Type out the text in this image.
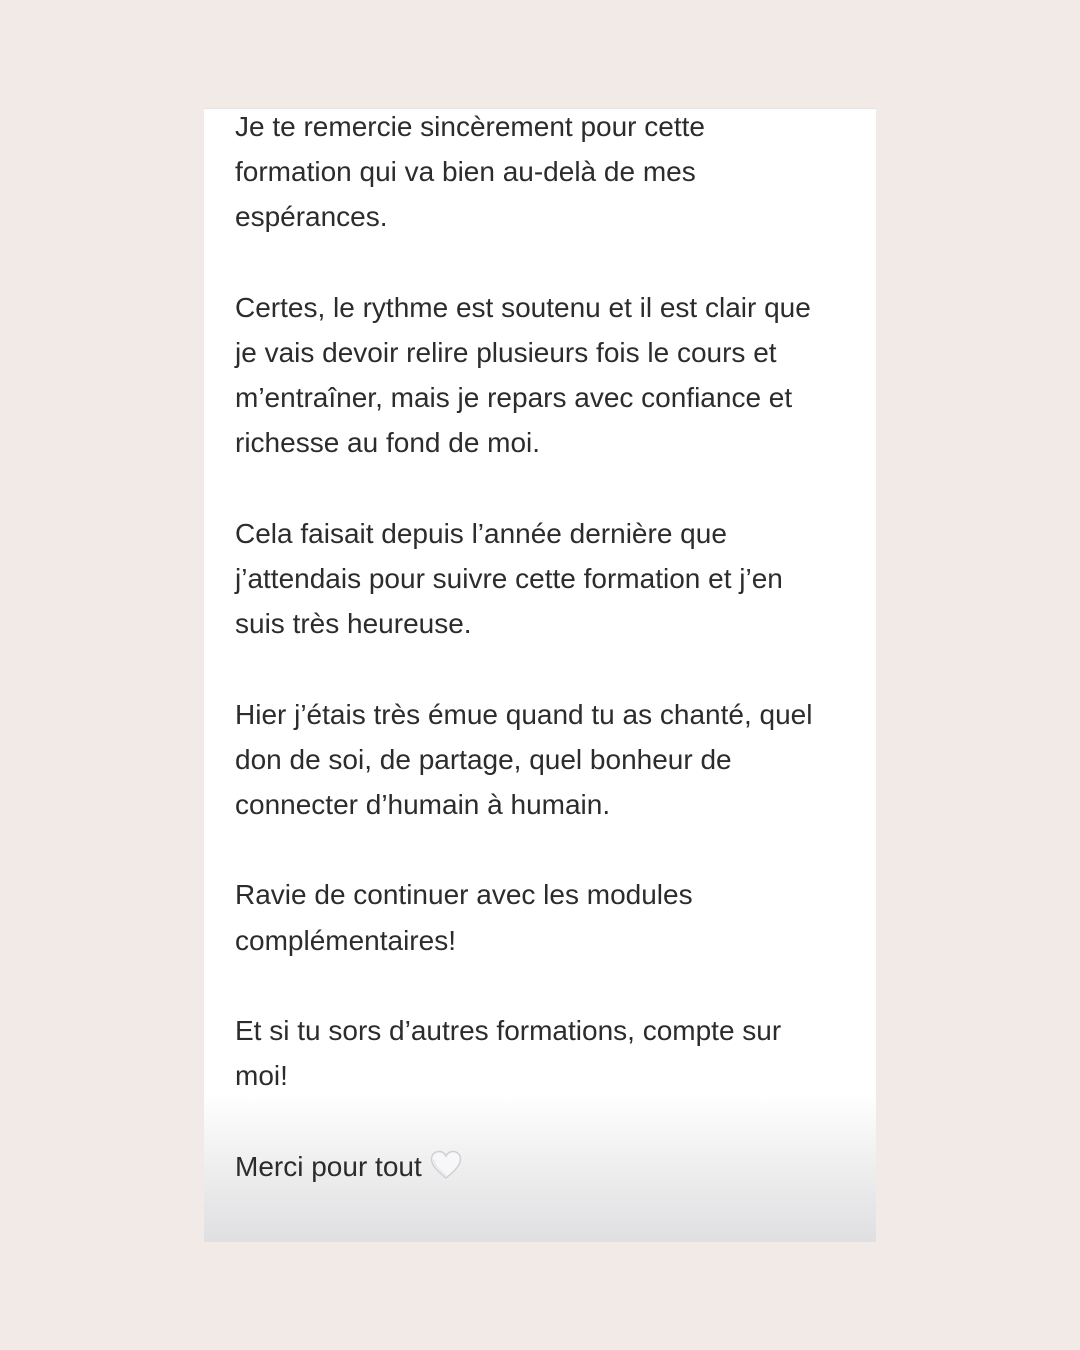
Je te remercie sincèrement pour cette
formation qui va bien au-delà de mes
espérances.

Certes, le rythme est soutenu et il est clair que
je vais devoir relire plusieurs fois le cours et
m’entraîner, mais je repars avec confiance et
richesse au fond de moi.

Cela faisait depuis l’année dernière que
j’attendais pour suivre cette formation et j’en
suis très heureuse.

Hier j’étais très émue quand tu as chanté, quel
don de soi, de partage, quel bonheur de
connecter d’humain à humain.

Ravie de continuer avec les modules
complémentaires!

Et si tu sors d’autres formations, compte sur
moi!

Merci pour tout
